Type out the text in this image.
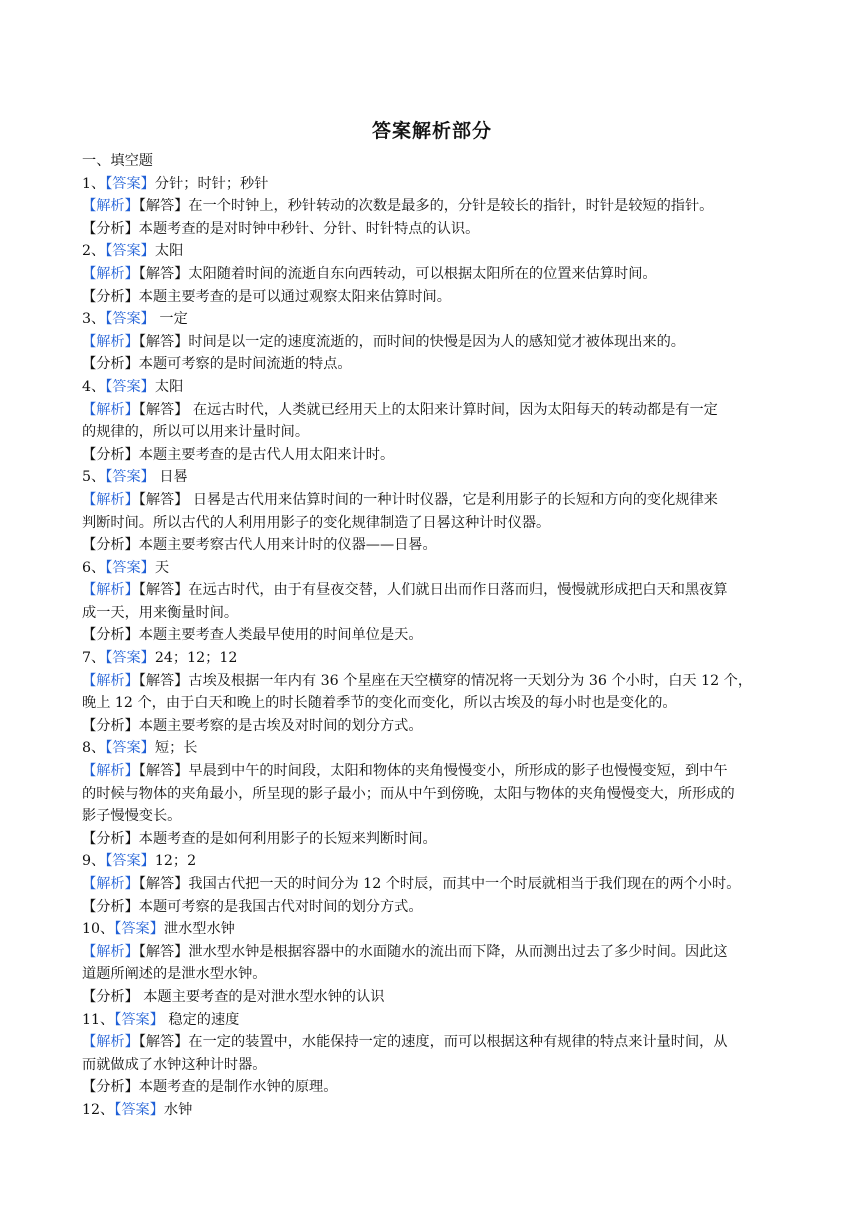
答案解析部分
一、填空题
1、【答案】分针；时针；秒针
【解析】【解答】在一个时钟上，秒针转动的次数是最多的，分针是较长的指针，时针是较短的指针。
【分析】本题考查的是对时钟中秒针、分针、时针特点的认识。
2、【答案】太阳
【解析】【解答】太阳随着时间的流逝自东向西转动，可以根据太阳所在的位置来估算时间。
【分析】本题主要考查的是可以通过观察太阳来估算时间。
3、【答案】 一定
【解析】【解答】时间是以一定的速度流逝的，而时间的快慢是因为人的感知觉才被体现出来的。
【分析】本题可考察的是时间流逝的特点。
4、【答案】太阳
【解析】【解答】 在远古时代，人类就已经用天上的太阳来计算时间，因为太阳每天的转动都是有一定
的规律的，所以可以用来计量时间。
【分析】本题主要考查的是古代人用太阳来计时。
5、【答案】 日晷
【解析】【解答】 日晷是古代用来估算时间的一种计时仪器，它是利用影子的长短和方向的变化规律来
判断时间。所以古代的人利用用影子的变化规律制造了日晷这种计时仪器。
【分析】本题主要考察古代人用来计时的仪器——日晷。
6、【答案】天
【解析】【解答】在远古时代，由于有昼夜交替，人们就日出而作日落而归，慢慢就形成把白天和黑夜算
成一天，用来衡量时间。
【分析】本题主要考查人类最早使用的时间单位是天。
7、【答案】24；12；12
【解析】【解答】古埃及根据一年内有 36 个星座在天空横穿的情况将一天划分为 36 个小时，白天 12 个，
晚上 12 个，由于白天和晚上的时长随着季节的变化而变化，所以古埃及的每小时也是变化的。
【分析】本题主要考察的是古埃及对时间的划分方式。
8、【答案】短；长
【解析】【解答】早晨到中午的时间段，太阳和物体的夹角慢慢变小，所形成的影子也慢慢变短，到中午
的时候与物体的夹角最小，所呈现的影子最小；而从中午到傍晚，太阳与物体的夹角慢慢变大，所形成的
影子慢慢变长。
【分析】本题考查的是如何利用影子的长短来判断时间。
9、【答案】12；2
【解析】【解答】我国古代把一天的时间分为 12 个时辰，而其中一个时辰就相当于我们现在的两个小时。
【分析】本题可考察的是我国古代对时间的划分方式。
10、【答案】泄水型水钟
【解析】【解答】泄水型水钟是根据容器中的水面随水的流出而下降，从而测出过去了多少时间。因此这
道题所阐述的是泄水型水钟。
【分析】 本题主要考查的是对泄水型水钟的认识
11、【答案】 稳定的速度
【解析】【解答】在一定的装置中，水能保持一定的速度，而可以根据这种有规律的特点来计量时间，从
而就做成了水钟这种计时器。
【分析】本题考查的是制作水钟的原理。
12、【答案】水钟
